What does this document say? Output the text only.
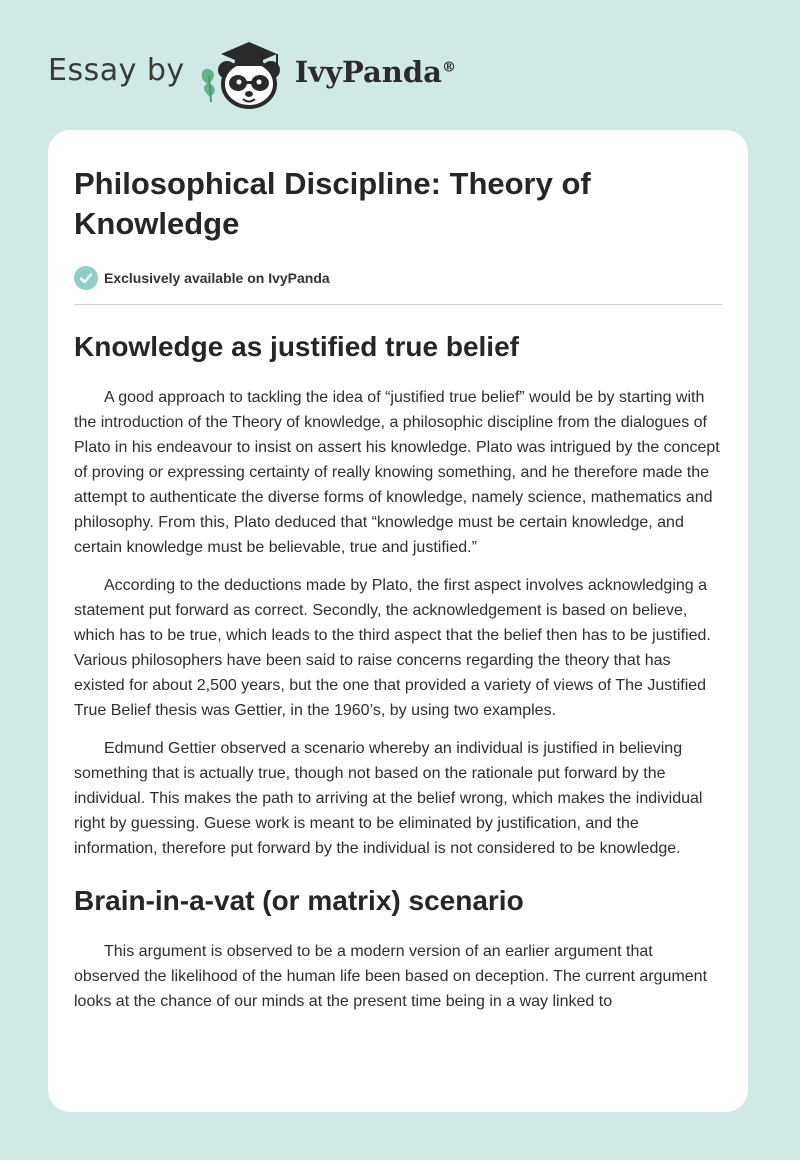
Essay by	IvyPanda®
Philosophical Discipline: Theory of Knowledge
Exclusively available on IvyPanda
Knowledge as justified true belief

A good approach to tackling the idea of “justified true belief” would be by starting with the introduction of the Theory of knowledge, a philosophic discipline from the dialogues of Plato in his endeavour to insist on assert his knowledge. Plato was intrigued by the concept of proving or expressing certainty of really knowing something, and he therefore made the attempt to authenticate the diverse forms of knowledge, namely science, mathematics and philosophy. From this, Plato deduced that “knowledge must be certain knowledge, and certain knowledge must be believable, true and justified.”

According to the deductions made by Plato, the first aspect involves acknowledging a statement put forward as correct. Secondly, the acknowledgement is based on believe, which has to be true, which leads to the third aspect that the belief then has to be justified. Various philosophers have been said to raise concerns regarding the theory that has existed for about 2,500 years, but the one that provided a variety of views of The Justified True Belief thesis was Gettier, in the 1960’s, by using two examples.

Edmund Gettier observed a scenario whereby an individual is justified in believing something that is actually true, though not based on the rationale put forward by the individual. This makes the path to arriving at the belief wrong, which makes the individual right by guessing. Guese work is meant to be eliminated by justification, and the information, therefore put forward by the individual is not considered to be knowledge.

Brain-in-a-vat (or matrix) scenario

This argument is observed to be a modern version of an earlier argument that observed the likelihood of the human life been based on deception. The current argument looks at the chance of our minds at the present time being in a way linked to
